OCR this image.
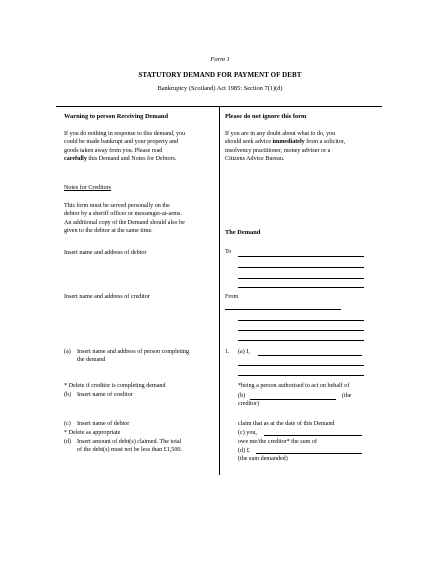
Form 1
STATUTORY DEMAND FOR PAYMENT OF DEBT
Bankruptcy (Scotland) Act 1985: Section 7(1)(d)
Warning to person Receiving Demand
If you do nothing in response to this demand, you
could be made bankrupt and your property and
goods taken away from you. Please read
carefully this Demand and Notes for Debtors.
Notes for Creditors
This form must be served personally on the
debtor by a sheriff officer or messenger-at-arms.
An additional copy of the Demand should also be
given to the debtor at the same time.
Insert name and address of debtor
Insert name and address of creditor
(a) Insert name and address of person completing
the demand
* Delete if creditor is completing demand
(b) Insert name of creditor
(c) Insert name of debtor
* Delete as appropriate
(d) Insert amount of debt(s) claimed. The total
of the debt(s) must not be less than £1,500.
Please do not ignore this form
If you are in any doubt about what to do, you
should seek advice immediately from a solicitor,
insolvency practitioner, money adviser or a
Citizens Advice Bureau.
The Demand
To
From
1. (a) I,
*being a person authorised to act on behalf of
(b)	(the
creditor)
claim that as at the date of this Demand
(c) you,
owe me/the creditor* the sum of
(d) £
(the sum demanded)
